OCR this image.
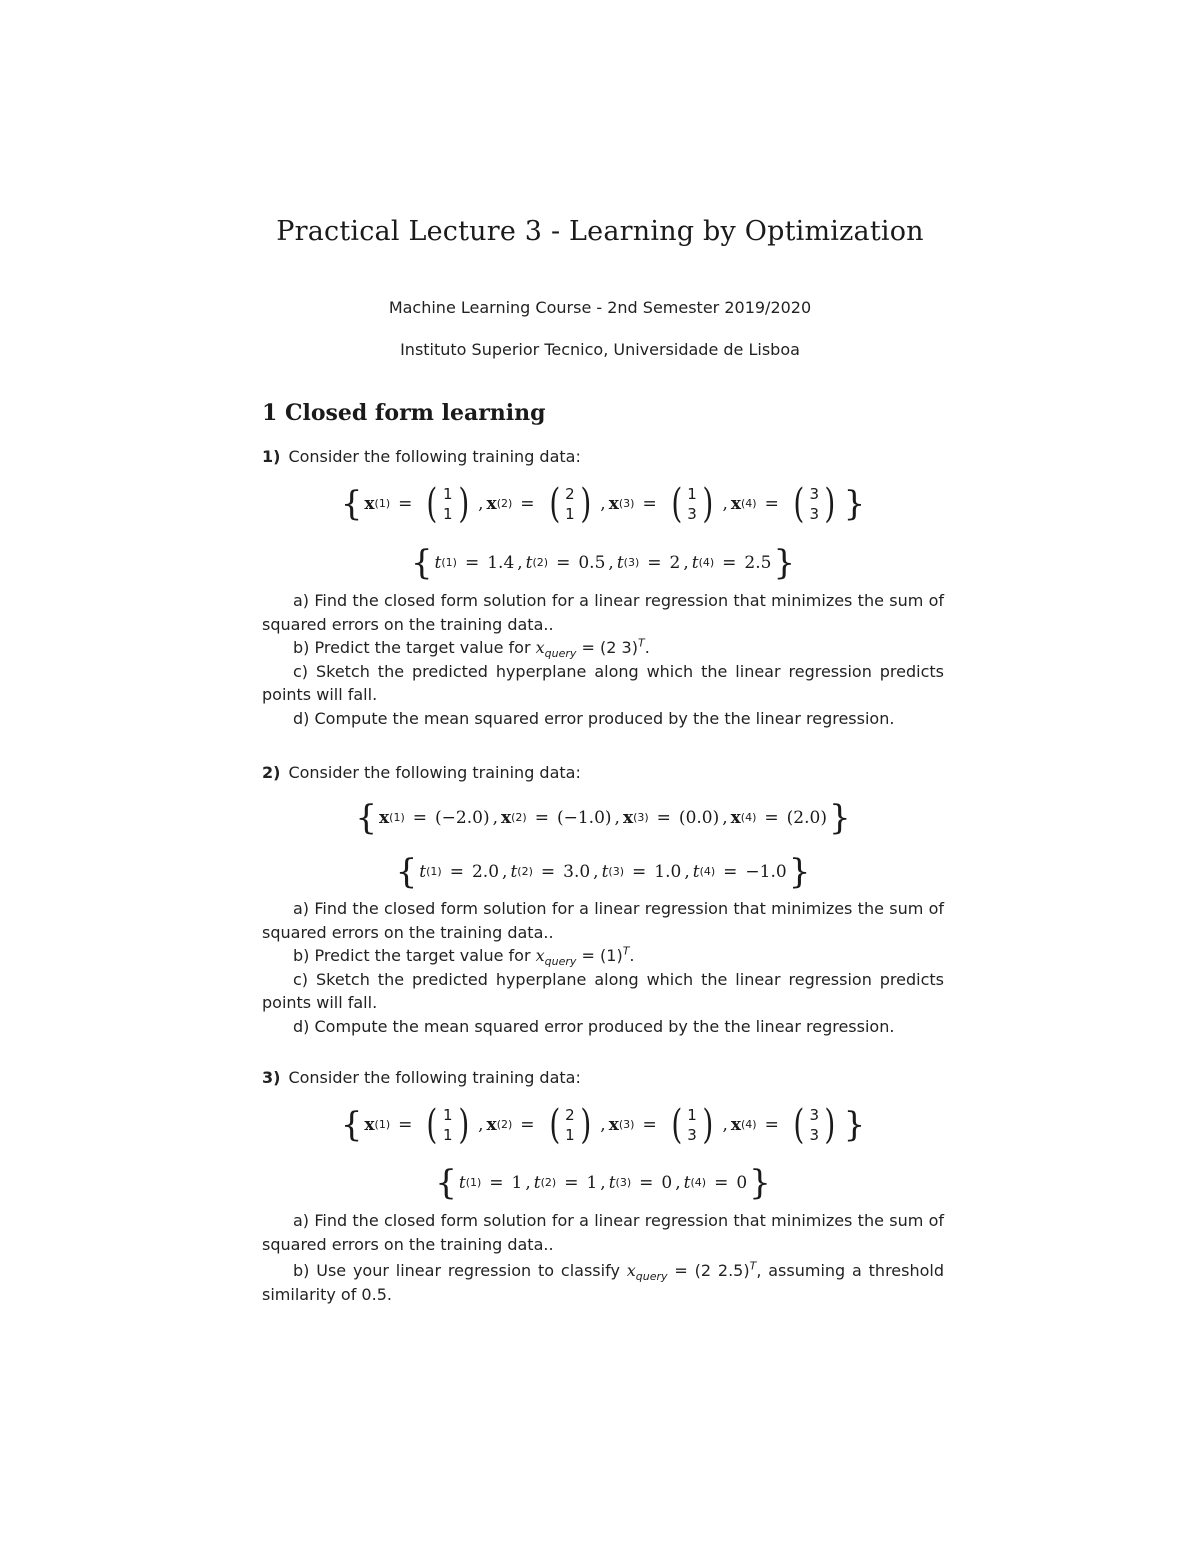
Practical Lecture 3 - Learning by Optimization
Machine Learning Course - 2nd Semester 2019/2020
Instituto Superior Tecnico, Universidade de Lisboa
1 Closed form learning
1) Consider the following training data:
{ x (1) = ( 1
1 ) , x (2) = ( 2
1 ) , x (3) = ( 1
3 ) , x (4) = ( 3
3 ) }
{ t (1) = 1.4 , t (2) = 0.5 , t (3) = 2 , t (4) = 2.5 }
a) Find the closed form solution for a linear regression that minimizes the sum of squared errors on the training data..
b) Predict the target value for $x_{query} = (2$ 3)$^T$.
c) Sketch the predicted hyperplane along which the linear regression predicts points will fall.
d) Compute the mean squared error produced by the the linear regression.
2) Consider the following training data:
{ x (1) = ( −2.0 ) , x (2) = ( −1.0 ) , x (3) = ( 0.0 ) , x (4) = ( 2.0 ) }
{ t (1) = 2.0 , t (2) = 3.0 , t (3) = 1.0 , t (4) = −1.0 }
a) Find the closed form solution for a linear regression that minimizes the sum of squared errors on the training data..
b) Predict the target value for $x_{query} = (1)^T$.
c) Sketch the predicted hyperplane along which the linear regression predicts points will fall.
d) Compute the mean squared error produced by the the linear regression.
3) Consider the following training data:
{ x (1) = ( 1
1 ) , x (2) = ( 2
1 ) , x (3) = ( 1
3 ) , x (4) = ( 3
3 ) }
{ t (1) = 1 , t (2) = 1 , t (3) = 0 , t (4) = 0 }
a) Find the closed form solution for a linear regression that minimizes the sum of squared errors on the training data..
b) Use your linear regression to classify $x_{query} = (2$ 2.5)$^T$, assuming a threshold similarity of 0.5.
